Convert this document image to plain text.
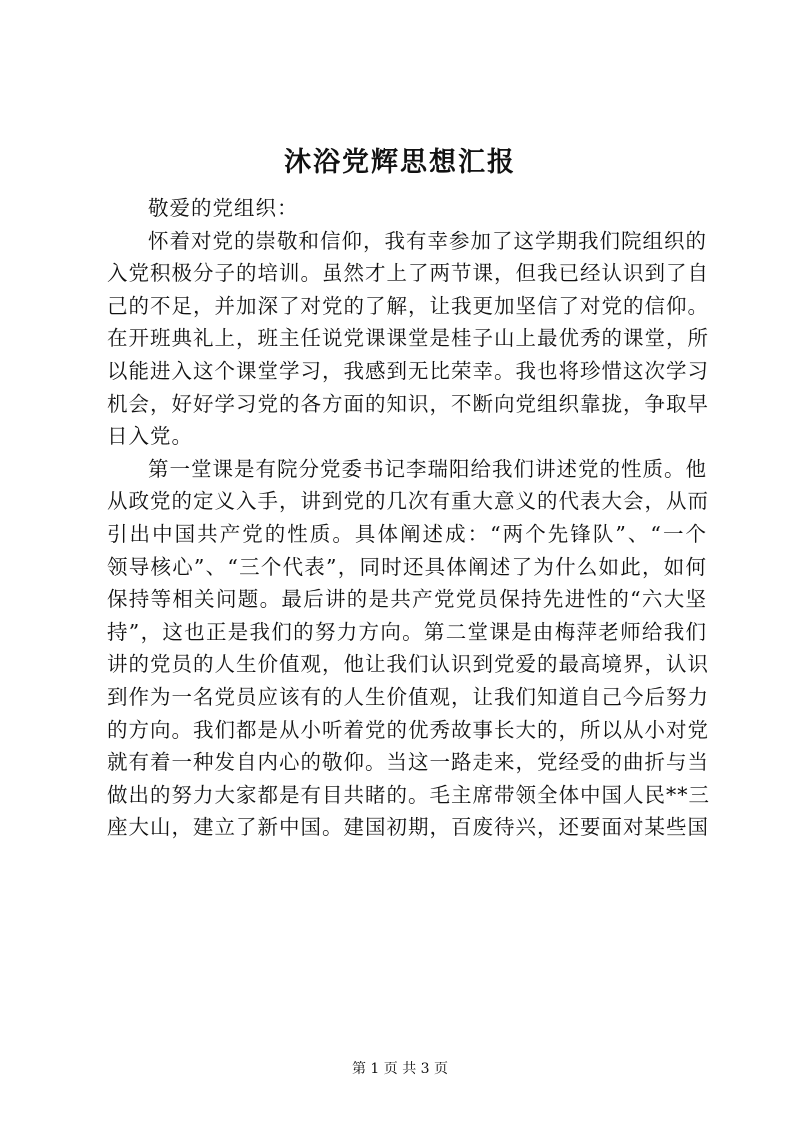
沐浴党辉思想汇报
敬爱的党组织：
怀着对党的崇敬和信仰，我有幸参加了这学期我们院组织的
入党积极分子的培训。虽然才上了两节课，但我已经认识到了自
己的不足，并加深了对党的了解，让我更加坚信了对党的信仰。
在开班典礼上，班主任说党课课堂是桂子山上最优秀的课堂，所
以能进入这个课堂学习，我感到无比荣幸。我也将珍惜这次学习
机会，好好学习党的各方面的知识，不断向党组织靠拢，争取早
日入党。
第一堂课是有院分党委书记李瑞阳给我们讲述党的性质。他
从政党的定义入手，讲到党的几次有重大意义的代表大会，从而
引出中国共产党的性质。具体阐述成：“两个先锋队”、“一个
领导核心”、“三个代表”，同时还具体阐述了为什么如此，如何
保持等相关问题。最后讲的是共产党党员保持先进性的“六大坚
持”，这也正是我们的努力方向。第二堂课是由梅萍老师给我们
讲的党员的人生价值观，他让我们认识到党爱的最高境界，认识
到作为一名党员应该有的人生价值观，让我们知道自己今后努力
的方向。我们都是从小听着党的优秀故事长大的，所以从小对党
就有着一种发自内心的敬仰。当这一路走来，党经受的曲折与当
做出的努力大家都是有目共睹的。毛主席带领全体中国人民**三
座大山，建立了新中国。建国初期，百废待兴，还要面对某些国
第 1 页 共 3 页
